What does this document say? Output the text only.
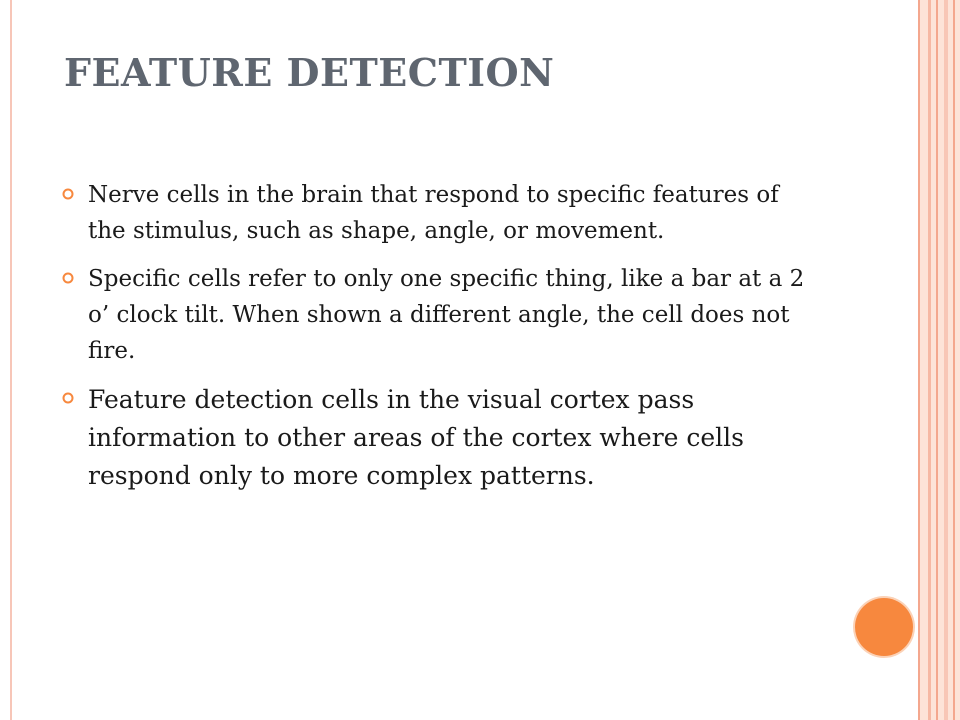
FEATURE DETECTION
Nerve cells in the brain that respond to specific features of the stimulus, such as shape, angle, or movement.
Specific cells refer to only one specific thing, like a bar at a 2 o’ clock tilt. When shown a different angle, the cell does not fire.
Feature detection cells in the visual cortex pass information to other areas of the cortex where cells respond only to more complex patterns.
